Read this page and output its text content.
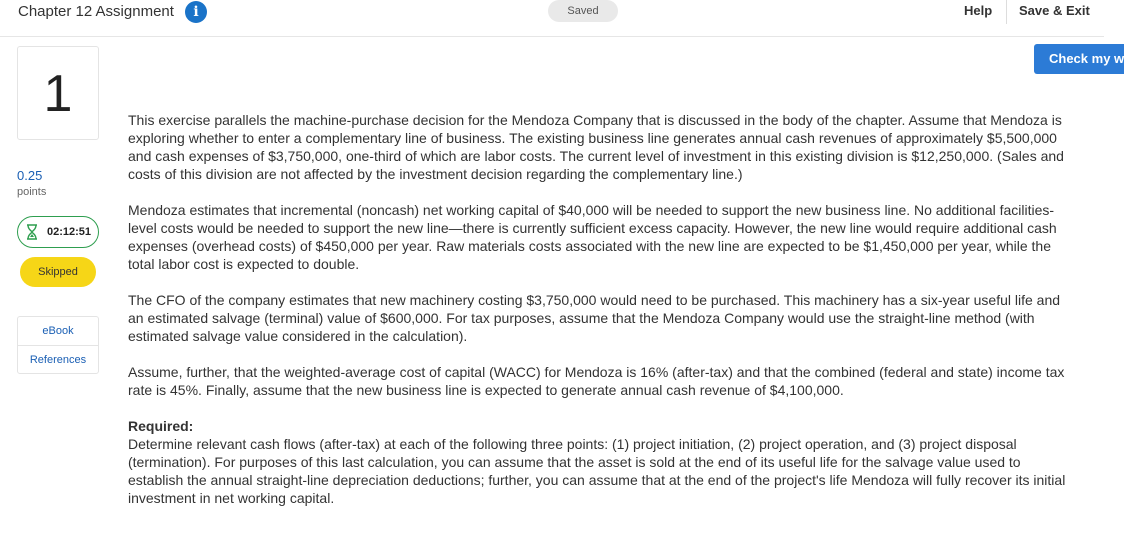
Chapter 12 Assignment	i	Saved	Help Save & Exit
Check my work
1
0.25
points
02:12:51
Skipped
eBook
References

This exercise parallels the machine-purchase decision for the Mendoza Company that is discussed in the body of the chapter. Assume that Mendoza is exploring whether to enter a complementary line of business. The existing business line generates annual cash revenues of approximately $5,500,000 and cash expenses of $3,750,000, one-third of which are labor costs. The current level of investment in this existing division is $12,250,000. (Sales and costs of this division are not affected by the investment decision regarding the complementary line.)

Mendoza estimates that incremental (noncash) net working capital of $40,000 will be needed to support the new business line. No additional facilities-level costs would be needed to support the new line—there is currently sufficient excess capacity. However, the new line would require additional cash expenses (overhead costs) of $450,000 per year. Raw materials costs associated with the new line are expected to be $1,450,000 per year, while the total labor cost is expected to double.

The CFO of the company estimates that new machinery costing $3,750,000 would need to be purchased. This machinery has a six-year useful life and an estimated salvage (terminal) value of $600,000. For tax purposes, assume that the Mendoza Company would use the straight-line method (with estimated salvage value considered in the calculation).

Assume, further, that the weighted-average cost of capital (WACC) for Mendoza is 16% (after-tax) and that the combined (federal and state) income tax rate is 45%. Finally, assume that the new business line is expected to generate annual cash revenue of $4,100,000.

Required:

Determine relevant cash flows (after-tax) at each of the following three points: (1) project initiation, (2) project operation, and (3) project disposal (termination). For purposes of this last calculation, you can assume that the asset is sold at the end of its useful life for the salvage value used to establish the annual straight-line depreciation deductions; further, you can assume that at the end of the project's life Mendoza will fully recover its initial investment in net working capital.
